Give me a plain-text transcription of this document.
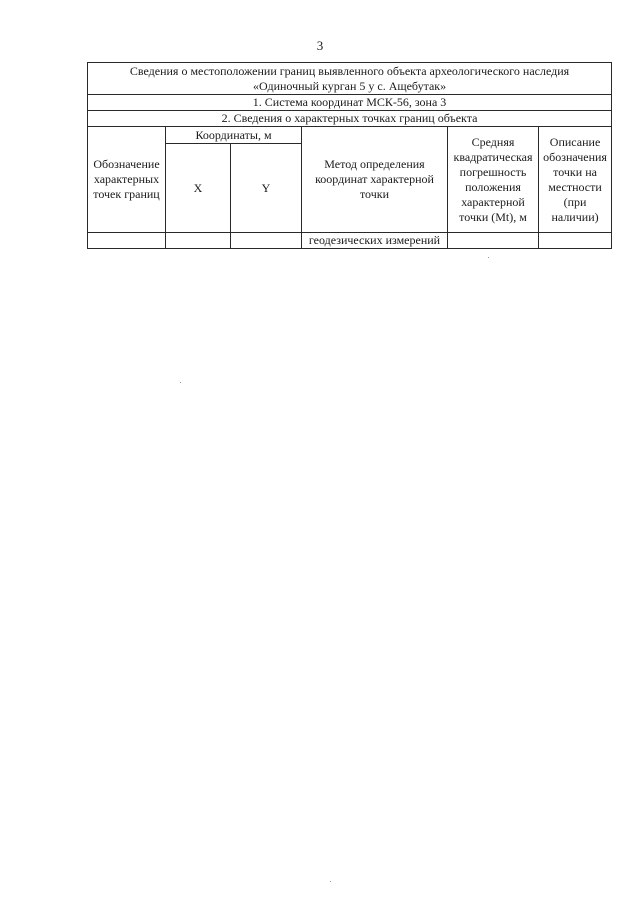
3
Сведения о местоположении границ выявленного объекта археологического наследия
«Одиночный курган 5 у с. Ащебутак»					

1. Система координат МСК-56, зона 3					
2. Сведения о характерных точках границ объекта					
Обозначение характерных точек границ	Координаты, м		Метод определения координат характерной точки	Средняя квадратическая погрешность положения характерной точки (Mt), м	Описание обозначения точки на местности (при наличии)
	X	Y			
			геодезических измерений		
